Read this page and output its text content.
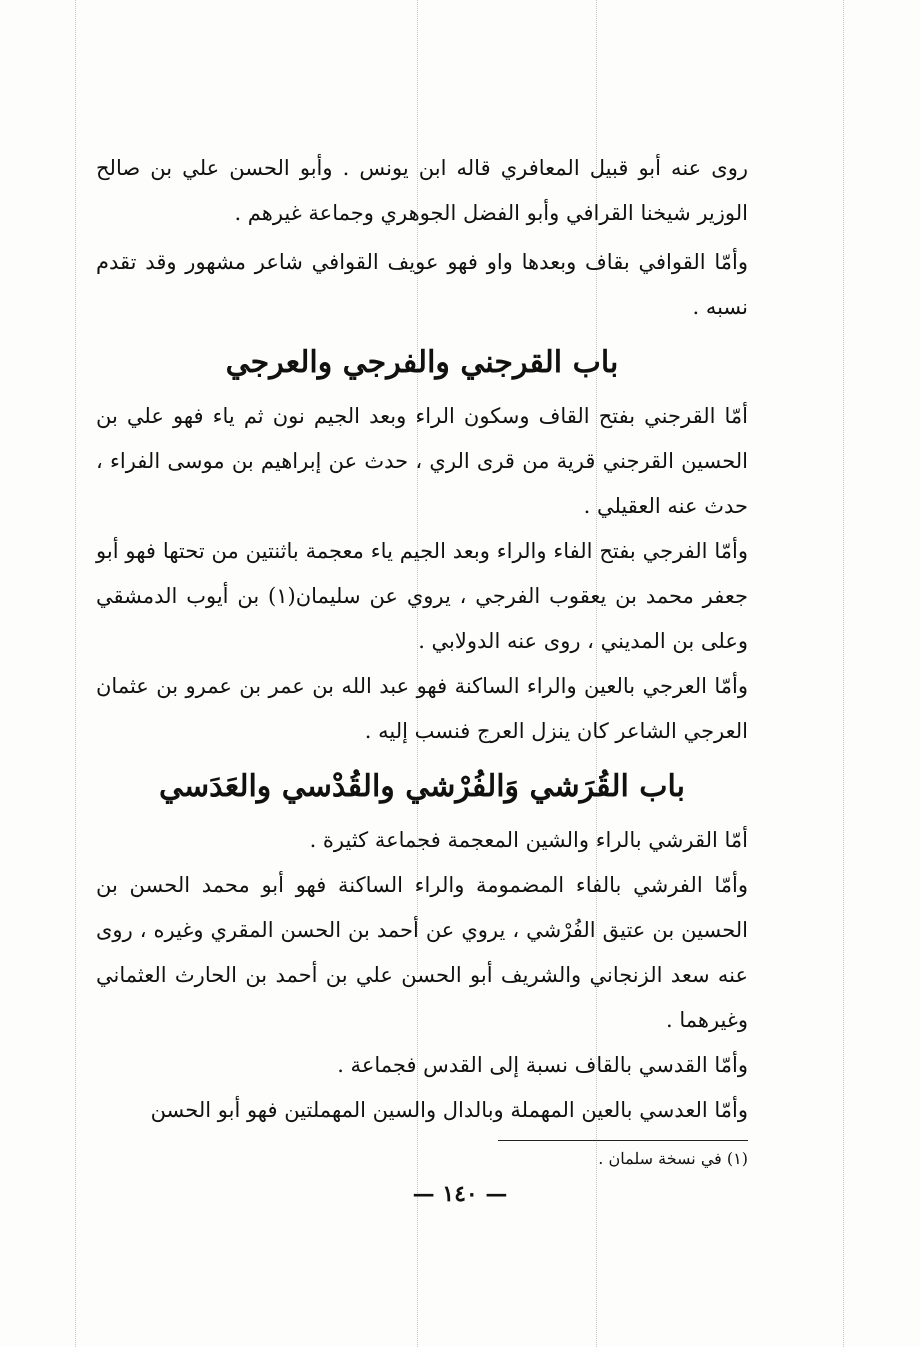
روى عنه أبو قبيل المعافري قاله ابن يونس . وأبو الحسن علي بن صالح الوزير شيخنا القرافي وأبو الفضل الجوهري وجماعة غيرهم .

وأمّا القوافي بقاف وبعدها واو فهو عويف القوافي شاعر مشهور وقد تقدم نسبه .

باب القرجني والفرجي والعرجي

أمّا القرجني بفتح القاف وسكون الراء وبعد الجيم نون ثم ياء فهو علي بن الحسين القرجني قرية من قرى الري ، حدث عن إبراهيم بن موسى الفراء ، حدث عنه العقيلي .

وأمّا الفرجي بفتح الفاء والراء وبعد الجيم ياء معجمة باثنتين من تحتها فهو أبو جعفر محمد بن يعقوب الفرجي ، يروي عن سليمان(١) بن أيوب الدمشقي وعلى بن المديني ، روى عنه الدولابي .

وأمّا العرجي بالعين والراء الساكنة فهو عبد الله بن عمر بن عمرو بن عثمان العرجي الشاعر كان ينزل العرج فنسب إليه .

باب القُرَشي وَالفُرْشي والقُدْسي والعَدَسي

أمّا القرشي بالراء والشين المعجمة فجماعة كثيرة .

وأمّا الفرشي بالفاء المضمومة والراء الساكنة فهو أبو محمد الحسن بن الحسين بن عتيق الفُرْشي ، يروي عن أحمد بن الحسن المقري وغيره ، روى عنه سعد الزنجاني والشريف أبو الحسن علي بن أحمد بن الحارث العثماني وغيرهما .

وأمّا القدسي بالقاف نسبة إلى القدس فجماعة .

وأمّا العدسي بالعين المهملة وبالدال والسين المهملتين فهو أبو الحسن

(١) في نسخة سلمان .
— ١٤٠ —
